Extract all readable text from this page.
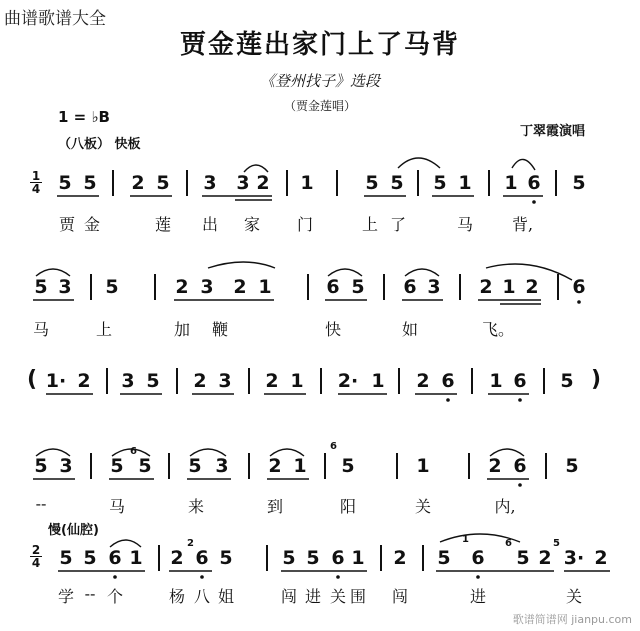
曲谱歌谱大全
贾金莲出家门上了马背
《登州找子》选段
（贾金莲唱）
1 = ♭B
丁翠霞演唱
（八板） 快板
慢(仙腔)
1
4
2
4
5 5 2 5 3 3 2 1	5 5 5 1 1 6 5
贾 金	莲 出 家 门	上 了	马 背,
5 3 5	2 3 2 1	6 5 6 3 2 1 2 6
马	上	加 鞭	快	如	飞。
( 1· 2 3 5 2 3 2 1 2· 1 2 6 1 6 5 )
5 3 5
6
5 5 3 2 1
6
5	1	2 6 5
--	马	来	到	阳	关	内,
5 5 6 1 2
2
6 5	5 5 6 1 2 5
1
6
6
5 2
5
3· 2
学 -- 个	杨 八 姐	闯 进 关 围 闯	进	关
歌谱简谱网 jianpu.com
